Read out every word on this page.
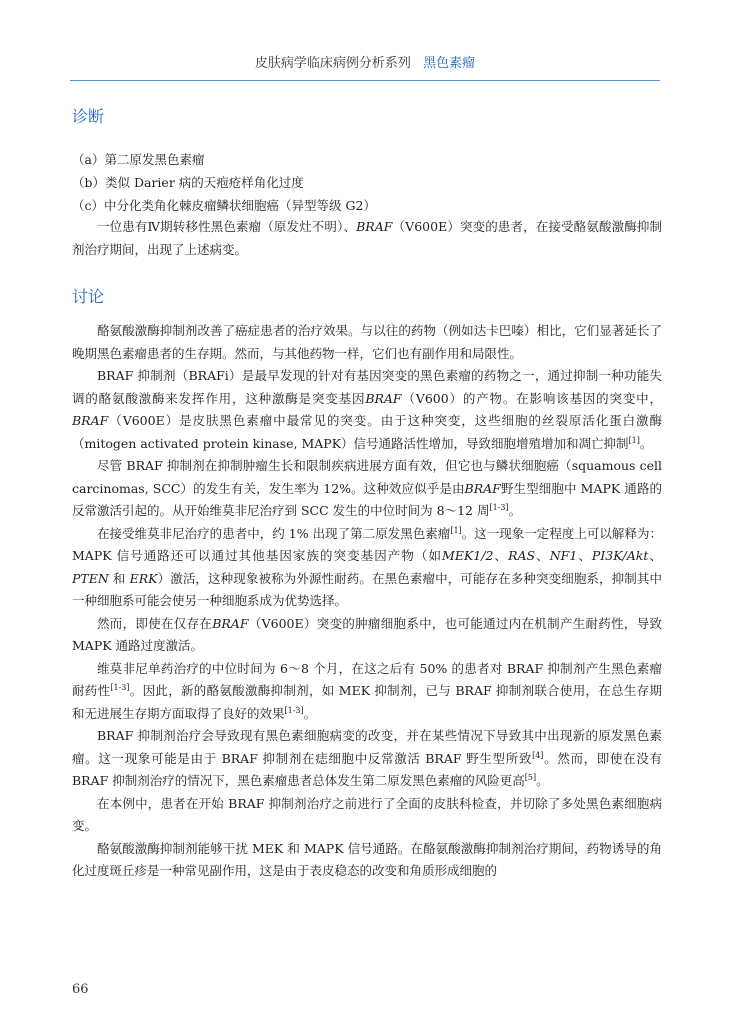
皮肤病学临床病例分析系列 黑色素瘤
诊断
（a）第二原发黑色素瘤
（b）类似 Darier 病的天疱疮样角化过度
（c）中分化类角化棘皮瘤鳞状细胞癌（异型等级 G2）

一位患有Ⅳ期转移性黑色素瘤（原发灶不明）、BRAF（V600E）突变的患者，在接受酪氨酸激酶抑制剂治疗期间，出现了上述病变。

讨论

酪氨酸激酶抑制剂改善了癌症患者的治疗效果。与以往的药物（例如达卡巴嗪）相比，它们显著延长了晚期黑色素瘤患者的生存期。然而，与其他药物一样，它们也有副作用和局限性。

BRAF 抑制剂（BRAFi）是最早发现的针对有基因突变的黑色素瘤的药物之一，通过抑制一种功能失调的酪氨酸激酶来发挥作用，这种激酶是突变基因BRAF（V600）的产物。在影响该基因的突变中，BRAF（V600E）是皮肤黑色素瘤中最常见的突变。由于这种突变，这些细胞的丝裂原活化蛋白激酶（mitogen activated protein kinase, MAPK）信号通路活性增加，导致细胞增殖增加和凋亡抑制[1]。

尽管 BRAF 抑制剂在抑制肿瘤生长和限制疾病进展方面有效，但它也与鳞状细胞癌（squamous cell carcinomas, SCC）的发生有关，发生率为 12%。这种效应似乎是由BRAF野生型细胞中 MAPK 通路的反常激活引起的。从开始维莫非尼治疗到 SCC 发生的中位时间为 8～12 周[1-3]。

在接受维莫非尼治疗的患者中，约 1% 出现了第二原发黑色素瘤[1]。这一现象一定程度上可以解释为：MAPK 信号通路还可以通过其他基因家族的突变基因产物（如MEK1/2、RAS、NF1、PI3K/Akt、PTEN 和 ERK）激活，这种现象被称为外源性耐药。在黑色素瘤中，可能存在多种突变细胞系，抑制其中一种细胞系可能会使另一种细胞系成为优势选择。

然而，即使在仅存在BRAF（V600E）突变的肿瘤细胞系中，也可能通过内在机制产生耐药性，导致 MAPK 通路过度激活。

维莫非尼单药治疗的中位时间为 6～8 个月，在这之后有 50% 的患者对 BRAF 抑制剂产生黑色素瘤耐药性[1-3]。因此，新的酪氨酸激酶抑制剂，如 MEK 抑制剂，已与 BRAF 抑制剂联合使用，在总生存期和无进展生存期方面取得了良好的效果[1-3]。

BRAF 抑制剂治疗会导致现有黑色素细胞病变的改变，并在某些情况下导致其中出现新的原发黑色素瘤。这一现象可能是由于 BRAF 抑制剂在痣细胞中反常激活 BRAF 野生型所致[4]。然而，即使在没有 BRAF 抑制剂治疗的情况下，黑色素瘤患者总体发生第二原发黑色素瘤的风险更高[5]。

在本例中，患者在开始 BRAF 抑制剂治疗之前进行了全面的皮肤科检查，并切除了多处黑色素细胞病变。

酪氨酸激酶抑制剂能够干扰 MEK 和 MAPK 信号通路。在酪氨酸激酶抑制剂治疗期间，药物诱导的角化过度斑丘疹是一种常见副作用，这是由于表皮稳态的改变和角质形成细胞的

66
